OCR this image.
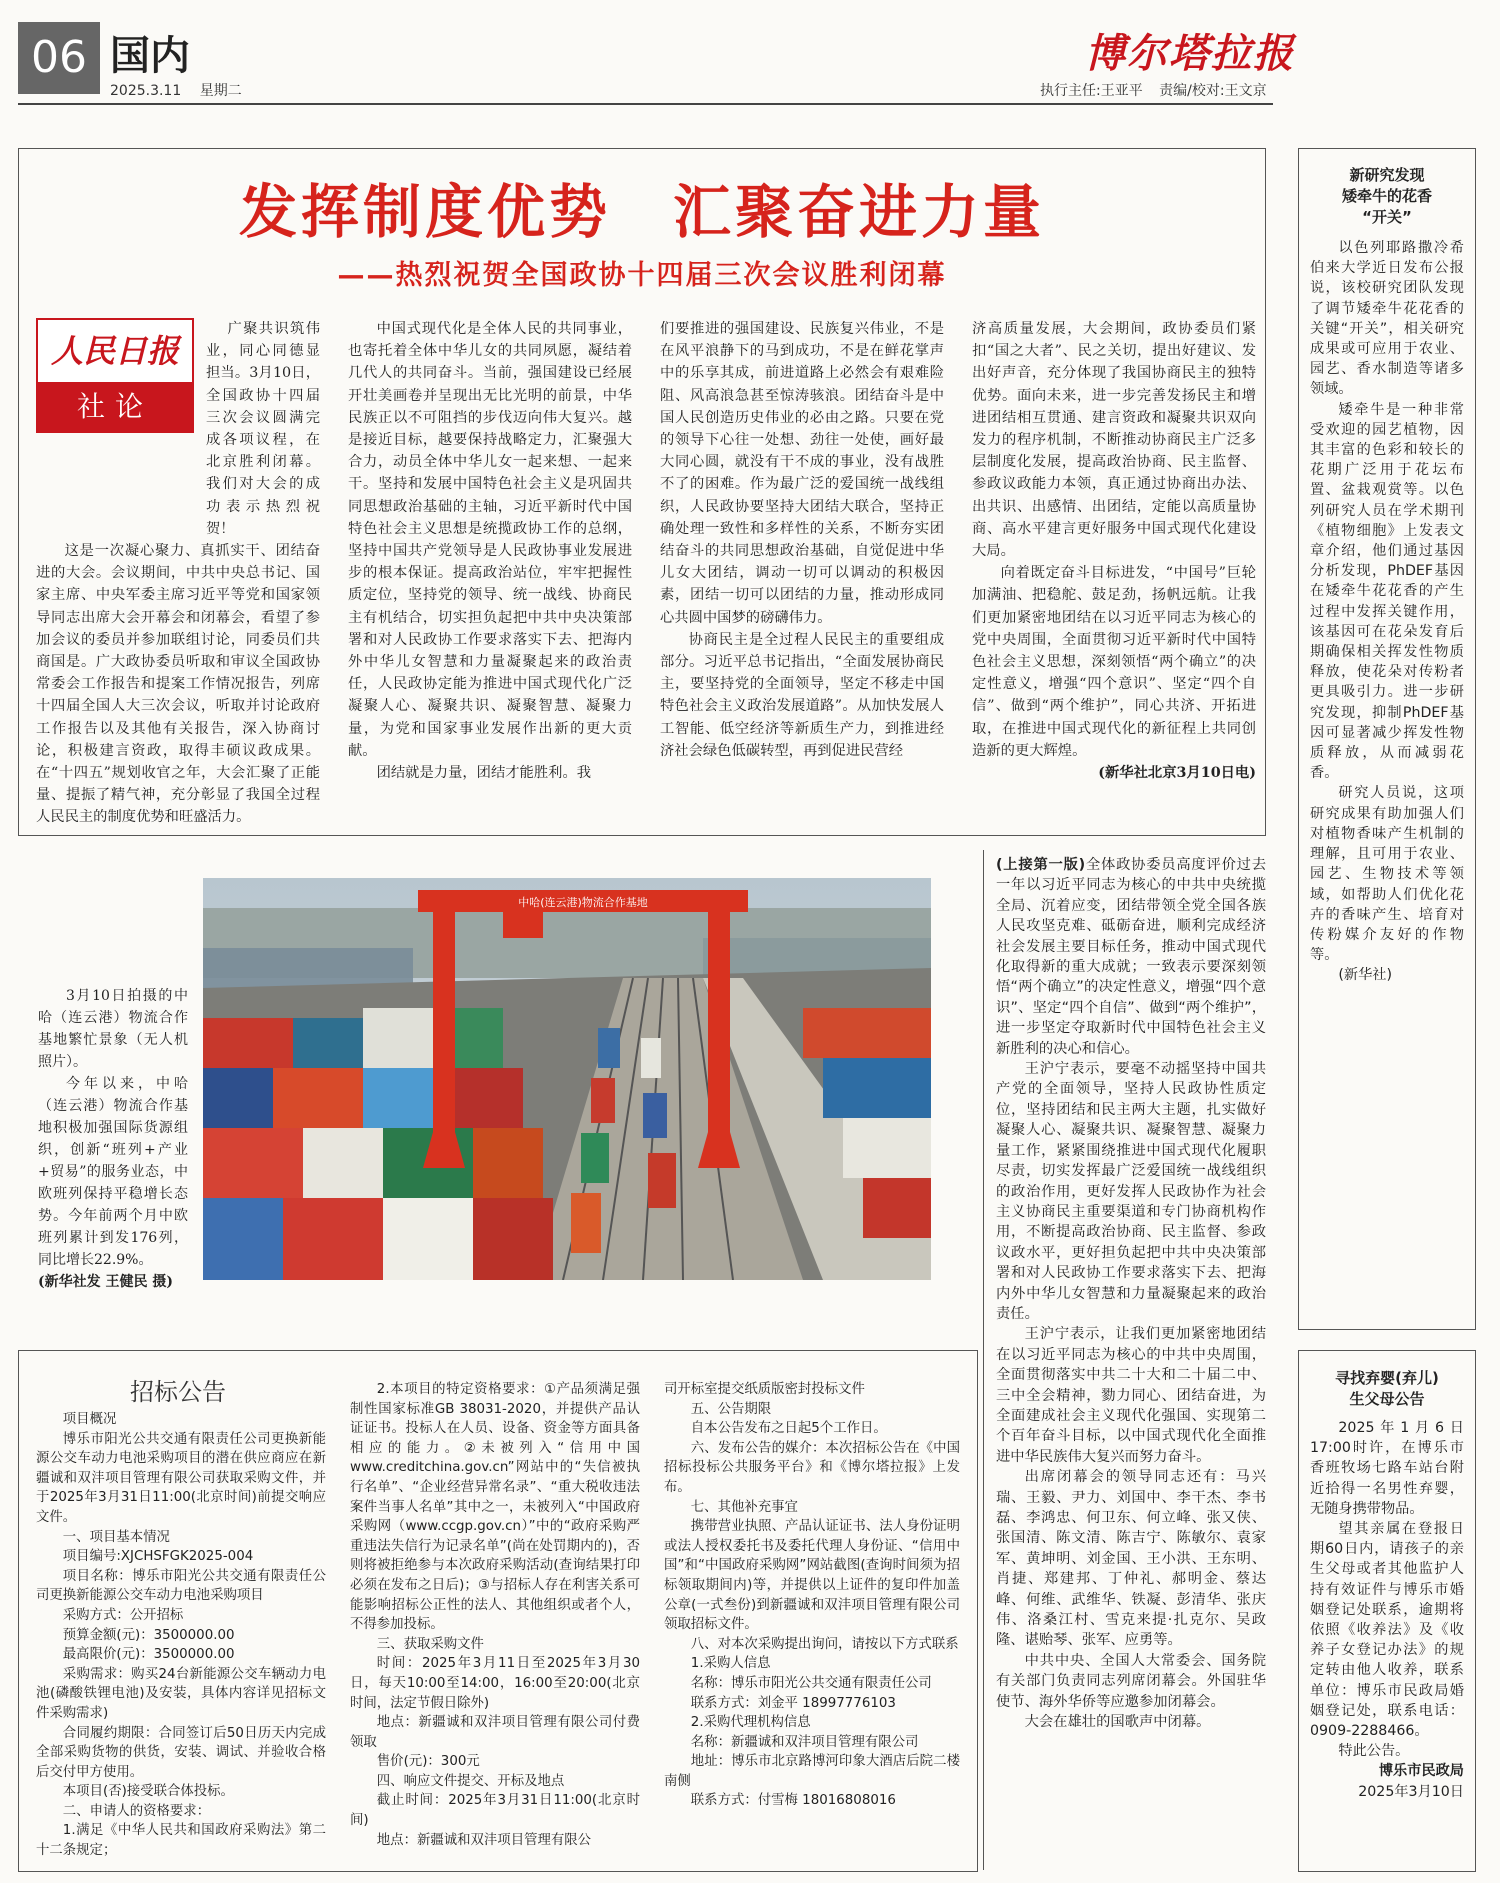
06 国内
2025.3.11 星期二
博尔塔拉报
执行主任:王亚平 责编/校对:王文京
发挥制度优势　汇聚奋进力量
——热烈祝贺全国政协十四届三次会议胜利闭幕
人民日报
社论

广聚共识筑伟业，同心同德显担当。3月10日，全国政协十四届三次会议圆满完成各项议程，在北京胜利闭幕。我们对大会的成功表示热烈祝贺！

这是一次凝心聚力、真抓实干、团结奋进的大会。会议期间，中共中央总书记、国家主席、中央军委主席习近平等党和国家领导同志出席大会开幕会和闭幕会，看望了参加会议的委员并参加联组讨论，同委员们共商国是。广大政协委员听取和审议全国政协常委会工作报告和提案工作情况报告，列席十四届全国人大三次会议，听取并讨论政府工作报告以及其他有关报告，深入协商讨论，积极建言资政，取得丰硕议政成果。在“十四五”规划收官之年，大会汇聚了正能量、提振了精气神，充分彰显了我国全过程人民民主的制度优势和旺盛活力。

中国式现代化是全体人民的共同事业，也寄托着全体中华儿女的共同夙愿，凝结着几代人的共同奋斗。当前，强国建设已经展开壮美画卷并呈现出无比光明的前景，中华民族正以不可阻挡的步伐迈向伟大复兴。越是接近目标，越要保持战略定力，汇聚强大合力，动员全体中华儿女一起来想、一起来干。坚持和发展中国特色社会主义是巩固共同思想政治基础的主轴，习近平新时代中国特色社会主义思想是统揽政协工作的总纲，坚持中国共产党领导是人民政协事业发展进步的根本保证。提高政治站位，牢牢把握性质定位，坚持党的领导、统一战线、协商民主有机结合，切实担负起把中共中央决策部署和对人民政协工作要求落实下去、把海内外中华儿女智慧和力量凝聚起来的政治责任，人民政协定能为推进中国式现代化广泛凝聚人心、凝聚共识、凝聚智慧、凝聚力量，为党和国家事业发展作出新的更大贡献。

团结就是力量，团结才能胜利。我

们要推进的强国建设、民族复兴伟业，不是在风平浪静下的马到成功，不是在鲜花掌声中的乐享其成，前进道路上必然会有艰难险阻、风高浪急甚至惊涛骇浪。团结奋斗是中国人民创造历史伟业的必由之路。只要在党的领导下心往一处想、劲往一处使，画好最大同心圆，就没有干不成的事业，没有战胜不了的困难。作为最广泛的爱国统一战线组织，人民政协要坚持大团结大联合，坚持正确处理一致性和多样性的关系，不断夯实团结奋斗的共同思想政治基础，自觉促进中华儿女大团结，调动一切可以调动的积极因素，团结一切可以团结的力量，推动形成同心共圆中国梦的磅礴伟力。

协商民主是全过程人民民主的重要组成部分。习近平总书记指出，“全面发展协商民主，要坚持党的全面领导，坚定不移走中国特色社会主义政治发展道路”。从加快发展人工智能、低空经济等新质生产力，到推进经济社会绿色低碳转型，再到促进民营经

济高质量发展，大会期间，政协委员们紧扣“国之大者”、民之关切，提出好建议、发出好声音，充分体现了我国协商民主的独特优势。面向未来，进一步完善发扬民主和增进团结相互贯通、建言资政和凝聚共识双向发力的程序机制，不断推动协商民主广泛多层制度化发展，提高政治协商、民主监督、参政议政能力本领，真正通过协商出办法、出共识、出感情、出团结，定能以高质量协商、高水平建言更好服务中国式现代化建设大局。

向着既定奋斗目标进发，“中国号”巨轮加满油、把稳舵、鼓足劲，扬帆远航。让我们更加紧密地团结在以习近平同志为核心的党中央周围，全面贯彻习近平新时代中国特色社会主义思想，深刻领悟“两个确立”的决定性意义，增强“四个意识”、坚定“四个自信”、做到“两个维护”，同心共济、开拓进取，在推进中国式现代化的新征程上共同创造新的更大辉煌。

(新华社北京3月10日电)

中哈(连云港)物流合作基地

3月10日拍摄的中哈（连云港）物流合作基地繁忙景象（无人机照片）。

今年以来，中哈（连云港）物流合作基地积极加强国际货源组织，创新“班列+产业+贸易”的服务业态，中欧班列保持平稳增长态势。今年前两个月中欧班列累计到发176列，同比增长22.9%。

(新华社发 王健民 摄)

(上接第一版)全体政协委员高度评价过去一年以习近平同志为核心的中共中央统揽全局、沉着应变，团结带领全党全国各族人民攻坚克难、砥砺奋进，顺利完成经济社会发展主要目标任务，推动中国式现代化取得新的重大成就；一致表示要深刻领悟“两个确立”的决定性意义，增强“四个意识”、坚定“四个自信”、做到“两个维护”，进一步坚定夺取新时代中国特色社会主义新胜利的决心和信心。

王沪宁表示，要毫不动摇坚持中国共产党的全面领导，坚持人民政协性质定位，坚持团结和民主两大主题，扎实做好凝聚人心、凝聚共识、凝聚智慧、凝聚力量工作，紧紧围绕推进中国式现代化履职尽责，切实发挥最广泛爱国统一战线组织的政治作用，更好发挥人民政协作为社会主义协商民主重要渠道和专门协商机构作用，不断提高政治协商、民主监督、参政议政水平，更好担负起把中共中央决策部署和对人民政协工作要求落实下去、把海内外中华儿女智慧和力量凝聚起来的政治责任。

王沪宁表示，让我们更加紧密地团结在以习近平同志为核心的中共中央周围，全面贯彻落实中共二十大和二十届二中、三中全会精神，勠力同心、团结奋进，为全面建成社会主义现代化强国、实现第二个百年奋斗目标，以中国式现代化全面推进中华民族伟大复兴而努力奋斗。

出席闭幕会的领导同志还有：马兴瑞、王毅、尹力、刘国中、李干杰、李书磊、李鸿忠、何卫东、何立峰、张又侠、张国清、陈文清、陈吉宁、陈敏尔、袁家军、黄坤明、刘金国、王小洪、王东明、肖捷、郑建邦、丁仲礼、郝明金、蔡达峰、何维、武维华、铁凝、彭清华、张庆伟、洛桑江村、雪克来提·扎克尔、吴政隆、谌贻琴、张军、应勇等。

中共中央、全国人大常委会、国务院有关部门负责同志列席闭幕会。外国驻华使节、海外华侨等应邀参加闭幕会。

大会在雄壮的国歌声中闭幕。

招标公告

项目概况

博乐市阳光公共交通有限责任公司更换新能源公交车动力电池采购项目的潜在供应商应在新疆诚和双沣项目管理有限公司获取采购文件，并于2025年3月31日11:00(北京时间)前提交响应文件。

一、项目基本情况

项目编号:XJCHSFGK2025-004

项目名称：博乐市阳光公共交通有限责任公司更换新能源公交车动力电池采购项目

采购方式：公开招标

预算金额(元)：3500000.00

最高限价(元)：3500000.00

采购需求：购买24台新能源公交车辆动力电池(磷酸铁锂电池)及安装，具体内容详见招标文件采购需求)

合同履约期限：合同签订后50日历天内完成全部采购货物的供货，安装、调试、并验收合格后交付甲方使用。

本项目(否)接受联合体投标。

二、申请人的资格要求：

1.满足《中华人民共和国政府采购法》第二十二条规定；

2.本项目的特定资格要求：①产品须满足强制性国家标准GB 38031-2020，并提供产品认证证书。投标人在人员、设备、资金等方面具备相应的能力。②未被列入“信用中国 www.creditchina.gov.cn”网站中的“失信被执行名单”、“企业经营异常名录”、“重大税收违法案件当事人名单”其中之一，未被列入“中国政府采购网（www.ccgp.gov.cn）”中的“政府采购严重违法失信行为记录名单”(尚在处罚期内的)，否则将被拒绝参与本次政府采购活动(查询结果打印必须在发布之日后)；③与招标人存在利害关系可能影响招标公正性的法人、其他组织或者个人，不得参加投标。

三、获取采购文件

时间：2025年3月11日至2025年3月30日，每天10:00至14:00，16:00至20:00(北京时间，法定节假日除外)

地点：新疆诚和双沣项目管理有限公司付费领取

售价(元)：300元

四、响应文件提交、开标及地点

截止时间：2025年3月31日11:00(北京时间)

地点：新疆诚和双沣项目管理有限公

司开标室提交纸质版密封投标文件

五、公告期限

自本公告发布之日起5个工作日。

六、发布公告的媒介：本次招标公告在《中国招标投标公共服务平台》和《博尔塔拉报》上发布。

七、其他补充事宜

携带营业执照、产品认证证书、法人身份证明或法人授权委托书及委托代理人身份证、“信用中国”和“中国政府采购网”网站截图(查询时间须为招标领取期间内)等，并提供以上证件的复印件加盖公章(一式叁份)到新疆诚和双沣项目管理有限公司领取招标文件。

八、对本次采购提出询问，请按以下方式联系

1.采购人信息

名称：博乐市阳光公共交通有限责任公司

联系方式：刘金平 18997776103

2.采购代理机构信息

名称：新疆诚和双沣项目管理有限公司

地址：博乐市北京路博河印象大酒店后院二楼南侧

联系方式：付雪梅 18016808016

新研究发现
矮牵牛的花香
“开关”

以色列耶路撒冷希伯来大学近日发布公报说，该校研究团队发现了调节矮牵牛花花香的关键“开关”，相关研究成果或可应用于农业、园艺、香水制造等诸多领域。

矮牵牛是一种非常受欢迎的园艺植物，因其丰富的色彩和较长的花期广泛用于花坛布置、盆栽观赏等。以色列研究人员在学术期刊《植物细胞》上发表文章介绍，他们通过基因分析发现，PhDEF基因在矮牵牛花花香的产生过程中发挥关键作用，该基因可在花朵发育后期确保相关挥发性物质释放，使花朵对传粉者更具吸引力。进一步研究发现，抑制PhDEF基因可显著减少挥发性物质释放，从而减弱花香。

研究人员说，这项研究成果有助加强人们对植物香味产生机制的理解，且可用于农业、园艺、生物技术等领域，如帮助人们优化花卉的香味产生、培育对传粉媒介友好的作物等。

(新华社)

寻找弃婴(弃儿)
生父母公告

2025年1月6日17:00时许，在博乐市香班牧场七路车站台附近拾得一名男性弃婴，无随身携带物品。

望其亲属在登报日期60日内，请孩子的亲生父母或者其他监护人持有效证件与博乐市婚姻登记处联系，逾期将依照《收养法》及《收养子女登记办法》的规定转由他人收养，联系单位：博乐市民政局婚姻登记处，联系电话：0909-2288466。

特此公告。

博乐市民政局

2025年3月10日
